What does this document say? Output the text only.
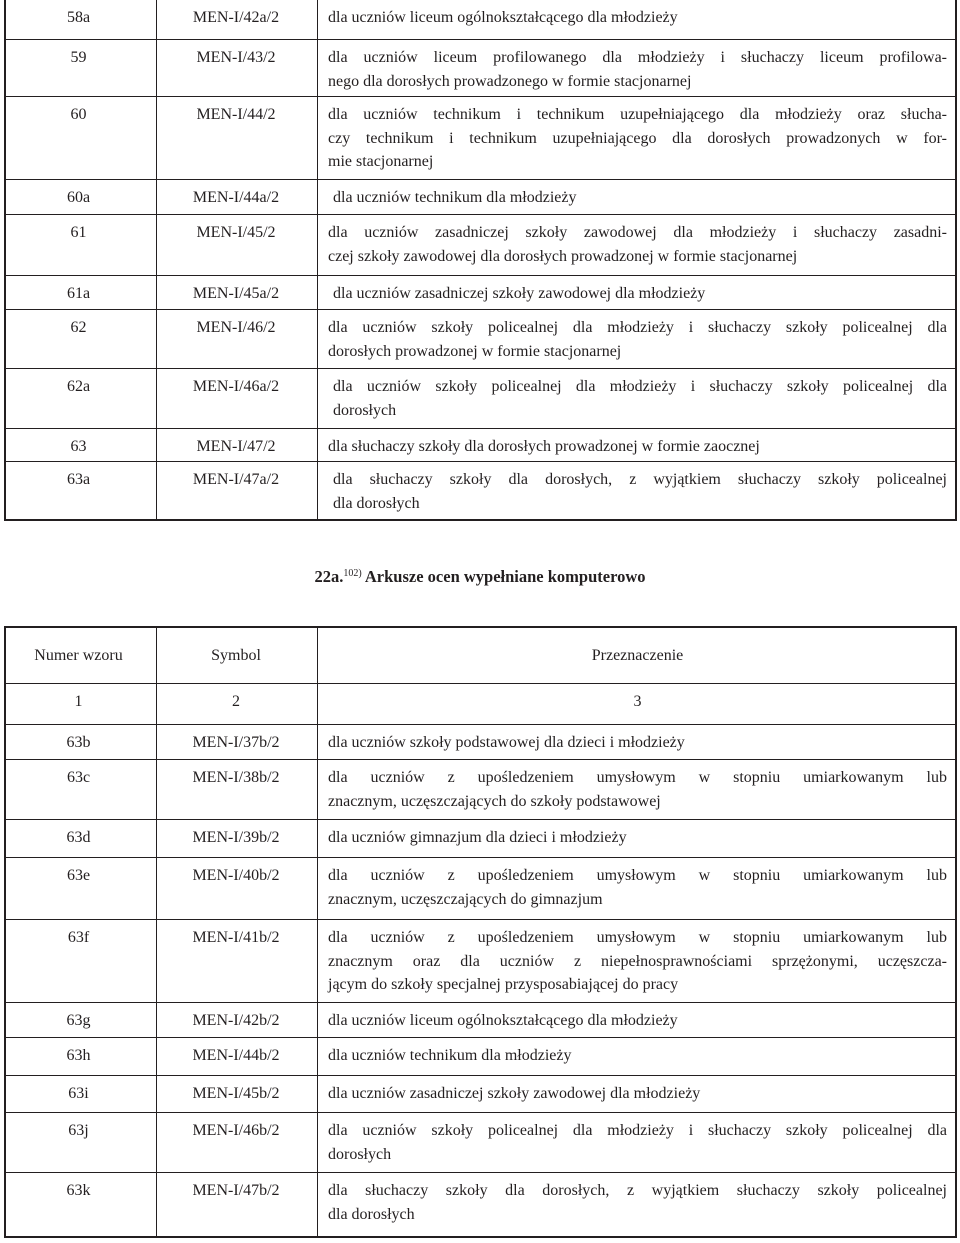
58a	MEN-I/42a/2	dla uczniów liceum ogólnokształcącego dla młodzieży
59	MEN-I/43/2	dla uczniów liceum profilowanego dla młodzieży i słuchaczy liceum profilowa-
nego dla dorosłych prowadzonego w formie stacjonarnej
60	MEN-I/44/2	dla uczniów technikum i technikum uzupełniającego dla młodzieży oraz słucha-
czy technikum i technikum uzupełniającego dla dorosłych prowadzonych w for-
mie stacjonarnej
60a	MEN-I/44a/2	dla uczniów technikum dla młodzieży
61	MEN-I/45/2	dla uczniów zasadniczej szkoły zawodowej dla młodzieży i słuchaczy zasadni-
czej szkoły zawodowej dla dorosłych prowadzonej w formie stacjonarnej
61a	MEN-I/45a/2	dla uczniów zasadniczej szkoły zawodowej dla młodzieży
62	MEN-I/46/2	dla uczniów szkoły policealnej dla młodzieży i słuchaczy szkoły policealnej dla
dorosłych prowadzonej w formie stacjonarnej
62a	MEN-I/46a/2	dla uczniów szkoły policealnej dla młodzieży i słuchaczy szkoły policealnej dla
dorosłych
63	MEN-I/47/2	dla słuchaczy szkoły dla dorosłych prowadzonej w formie zaocznej
63a	MEN-I/47a/2	dla słuchaczy szkoły dla dorosłych, z wyjątkiem słuchaczy szkoły policealnej
dla dorosłych
22a.$^{102)}$ Arkusze ocen wypełniane komputerowo
Numer wzoru	Symbol	Przeznaczenie
1	2	3
63b	MEN-I/37b/2	dla uczniów szkoły podstawowej dla dzieci i młodzieży
63c	MEN-I/38b/2	dla uczniów z upośledzeniem umysłowym w stopniu umiarkowanym lub
znacznym, uczęszczających do szkoły podstawowej
63d	MEN-I/39b/2	dla uczniów gimnazjum dla dzieci i młodzieży
63e	MEN-I/40b/2	dla uczniów z upośledzeniem umysłowym w stopniu umiarkowanym lub
znacznym, uczęszczających do gimnazjum
63f	MEN-I/41b/2	dla uczniów z upośledzeniem umysłowym w stopniu umiarkowanym lub
znacznym oraz dla uczniów z niepełnosprawnościami sprzężonymi, uczęszcza-
jącym do szkoły specjalnej przysposabiającej do pracy
63g	MEN-I/42b/2	dla uczniów liceum ogólnokształcącego dla młodzieży
63h	MEN-I/44b/2	dla uczniów technikum dla młodzieży
63i	MEN-I/45b/2	dla uczniów zasadniczej szkoły zawodowej dla młodzieży
63j	MEN-I/46b/2	dla uczniów szkoły policealnej dla młodzieży i słuchaczy szkoły policealnej dla
dorosłych
63k	MEN-I/47b/2	dla słuchaczy szkoły dla dorosłych, z wyjątkiem słuchaczy szkoły policealnej
dla dorosłych
